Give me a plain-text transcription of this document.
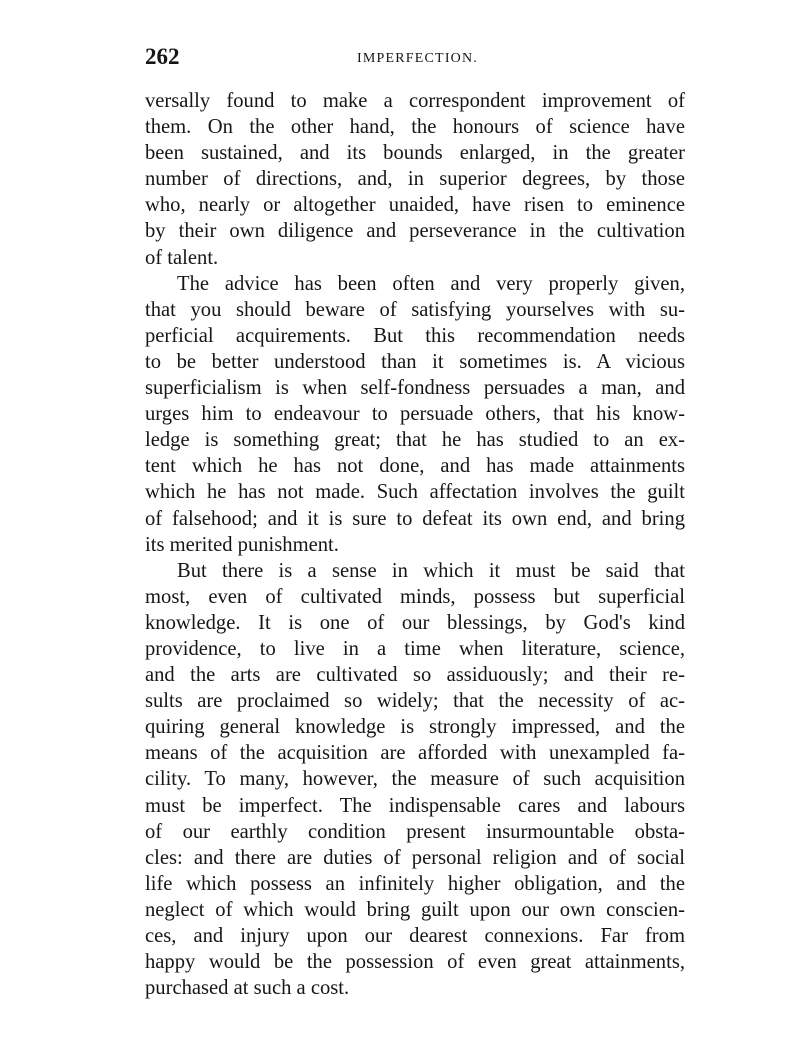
262	IMPERFECTION.
versally found to make a correspondent improvement of
them. On the other hand, the honours of science have
been sustained, and its bounds enlarged, in the greater
number of directions, and, in superior degrees, by those
who, nearly or altogether unaided, have risen to eminence
by their own diligence and perseverance in the cultivation
of talent.
The advice has been often and very properly given,
that you should beware of satisfying yourselves with su-
perficial acquirements. But this recommendation needs
to be better understood than it sometimes is. A vicious
superficialism is when self-fondness persuades a man, and
urges him to endeavour to persuade others, that his know-
ledge is something great; that he has studied to an ex-
tent which he has not done, and has made attainments
which he has not made. Such affectation involves the guilt
of falsehood; and it is sure to defeat its own end, and bring
its merited punishment.
But there is a sense in which it must be said that
most, even of cultivated minds, possess but superficial
knowledge. It is one of our blessings, by God's kind
providence, to live in a time when literature, science,
and the arts are cultivated so assiduously; and their re-
sults are proclaimed so widely; that the necessity of ac-
quiring general knowledge is strongly impressed, and the
means of the acquisition are afforded with unexampled fa-
cility. To many, however, the measure of such acquisition
must be imperfect. The indispensable cares and labours
of our earthly condition present insurmountable obsta-
cles: and there are duties of personal religion and of social
life which possess an infinitely higher obligation, and the
neglect of which would bring guilt upon our own conscien-
ces, and injury upon our dearest connexions. Far from
happy would be the possession of even great attainments,
purchased at such a cost.
